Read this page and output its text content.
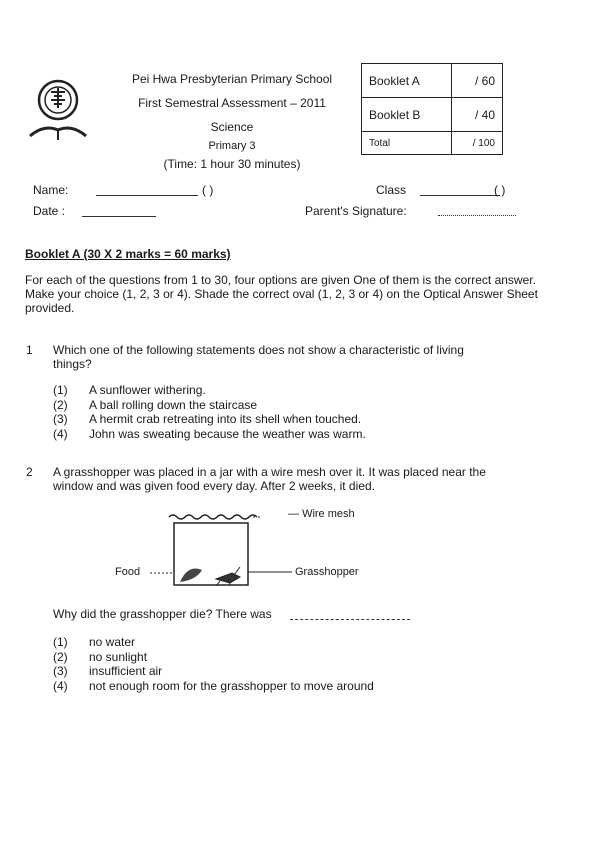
Pei Hwa Presbyterian Primary School
First Semestral Assessment – 2011
Science
Primary 3
(Time: 1 hour 30 minutes)
Booklet A	/ 60
Booklet B	/ 40
Total	/ 100
Name:	( )	Class	( )
Date :	Parent's Signature:
Booklet A (30 X 2 marks = 60 marks)
For each of the questions from 1 to 30, four options are given One of them is the correct answer. Make your choice (1, 2, 3 or 4). Shade the correct oval (1, 2, 3 or 4) on the Optical Answer Sheet provided.
1 Which one of the following statements does not show a characteristic of living things?
(1) A sunflower withering.
(2) A ball rolling down the staircase
(3) A hermit crab retreating into its shell when touched.
(4) John was sweating because the weather was warm.
2 A grasshopper was placed in a jar with a wire mesh over it. It was placed near the window and was given food every day. After 2 weeks, it died.
— Wire mesh
Food	Grasshopper
Why did the grasshopper die? There was
(1) no water
(2) no sunlight
(3) insufficient air
(4) not enough room for the grasshopper to move around
